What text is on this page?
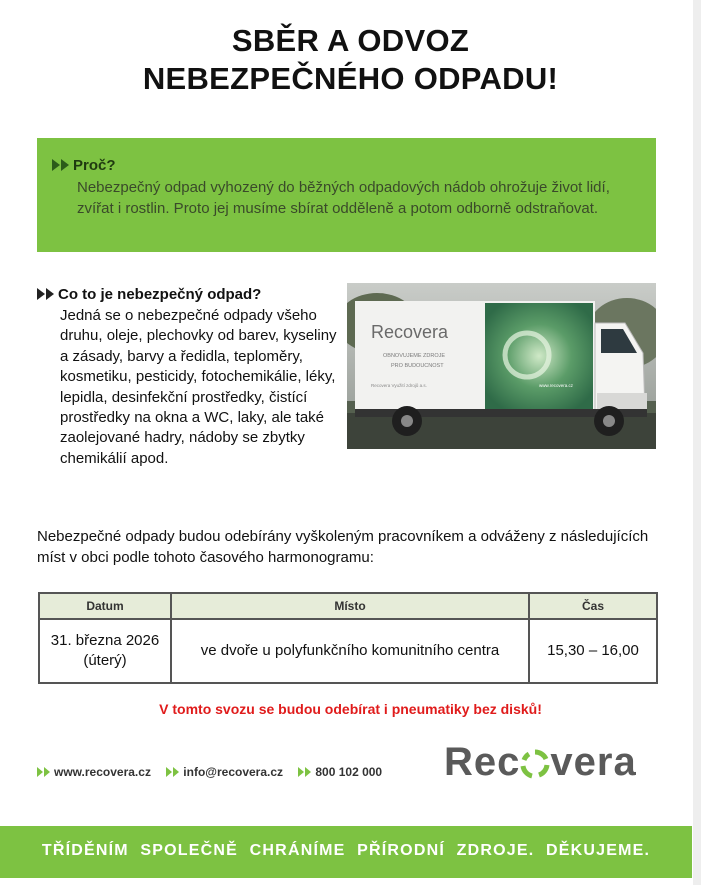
SBĚR A ODVOZ
NEBEZPEČNÉHO ODPADU!
Proč?
Nebezpečný odpad vyhozený do běžných odpadových nádob ohrožuje život lidí, zvířat i rostlin. Proto jej musíme sbírat odděleně a potom odborně odstraňovat.
Co to je nebezpečný odpad?
Jedná se o nebezpečné odpady všeho druhu, oleje, plechovky od barev, kyseliny a zásady, barvy a ředidla, teploměry, kosmetiku, pesticidy, fotochemikálie, léky, lepidla, desinfekční prostředky, čistící prostředky na okna a WC, laky, ale také zaolejované hadry, nádoby se zbytky chemikálií apod.
Recovera
OBNOVUJEME ZDROJE
PRO BUDOUCNOST
Recovera Využití zdrojů a.s.	www.recovera.cz
Nebezpečné odpady budou odebírány vyškoleným pracovníkem a odváženy z následujících míst v obci podle tohoto časového harmonogramu:
Datum	Místo	Čas
31. března 2026 (úterý)	ve dvoře u polyfunkčního komunitního centra	15,30 – 16,00
V tomto svozu se budou odebírat i pneumatiky bez disků!
www.recovera.cz	info@recovera.cz	800 102 000	Rec vera
TŘÍDĚNÍM SPOLEČNĚ CHRÁNÍME PŘÍRODNÍ ZDROJE. DĚKUJEME.
